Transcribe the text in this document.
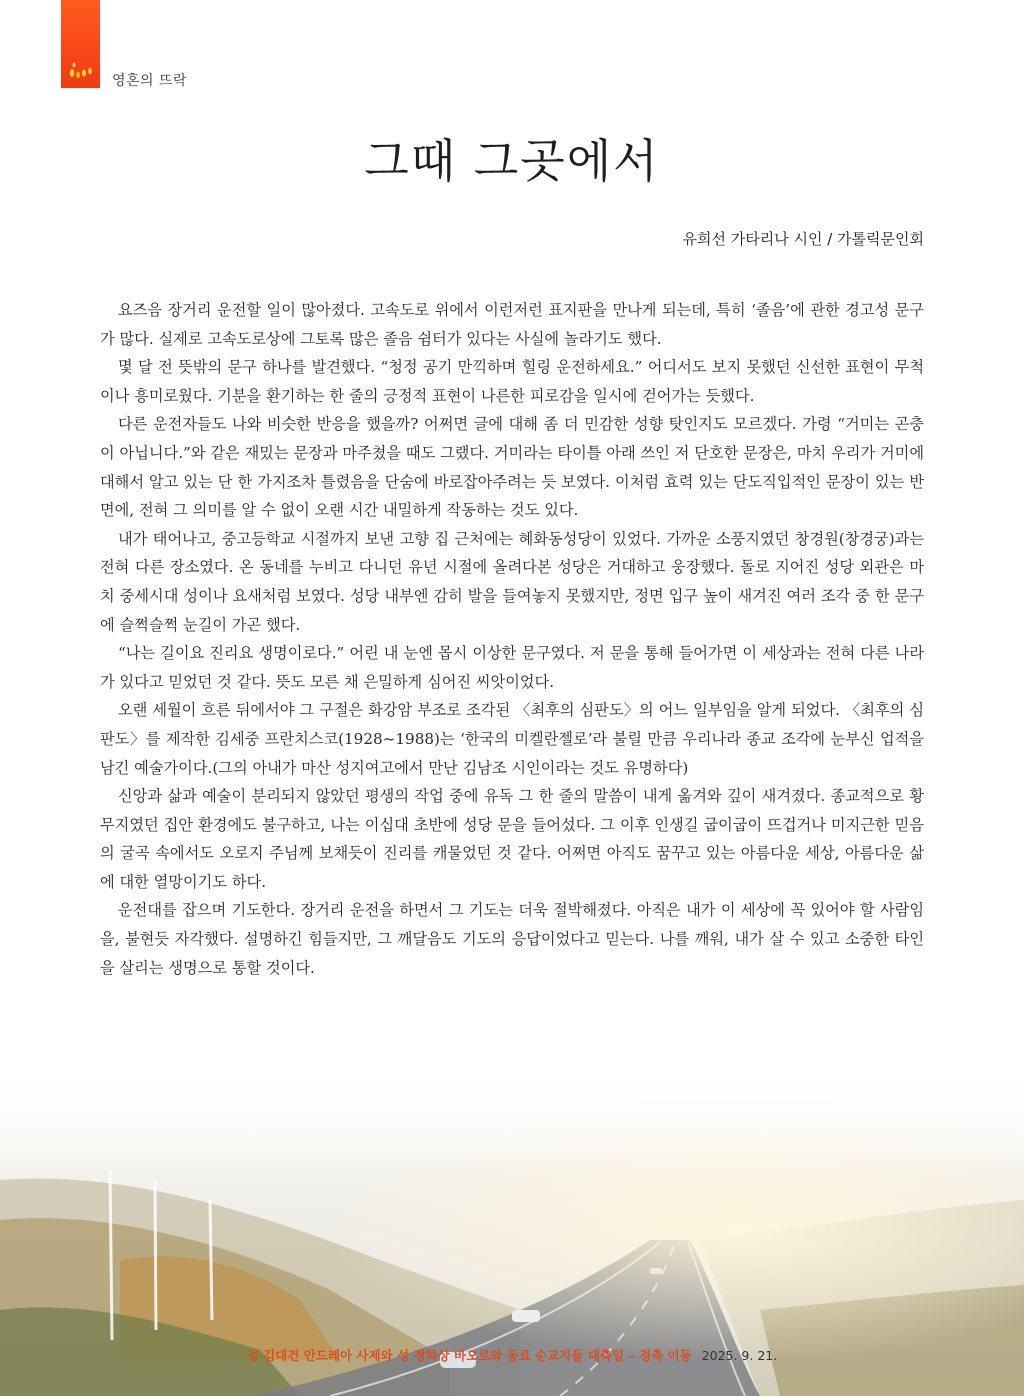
영혼의 뜨락
그때 그곳에서
유희선 가타리나 시인 / 가톨릭문인회

요즈음 장거리 운전할 일이 많아졌다. 고속도로 위에서 이런저런 표지판을 만나게 되는데, 특히 ‘졸음’에 관한 경고성 문구가 많다. 실제로 고속도로상에 그토록 많은 졸음 쉼터가 있다는 사실에 놀라기도 했다.

몇 달 전 뜻밖의 문구 하나를 발견했다. “청정 공기 만끽하며 힐링 운전하세요.” 어디서도 보지 못했던 신선한 표현이 무척이나 흥미로웠다. 기분을 환기하는 한 줄의 긍정적 표현이 나른한 피로감을 일시에 걷어가는 듯했다.

다른 운전자들도 나와 비슷한 반응을 했을까? 어쩌면 글에 대해 좀 더 민감한 성향 탓인지도 모르겠다. 가령 “거미는 곤충이 아닙니다.”와 같은 재밌는 문장과 마주쳤을 때도 그랬다. 거미라는 타이틀 아래 쓰인 저 단호한 문장은, 마치 우리가 거미에 대해서 알고 있는 단 한 가지조차 틀렸음을 단숨에 바로잡아주려는 듯 보였다. 이처럼 효력 있는 단도직입적인 문장이 있는 반면에, 전혀 그 의미를 알 수 없이 오랜 시간 내밀하게 작동하는 것도 있다.

내가 태어나고, 중고등학교 시절까지 보낸 고향 집 근처에는 혜화동성당이 있었다. 가까운 소풍지였던 창경원(창경궁)과는 전혀 다른 장소였다. 온 동네를 누비고 다니던 유년 시절에 올려다본 성당은 거대하고 웅장했다. 돌로 지어진 성당 외관은 마치 중세시대 성이나 요새처럼 보였다. 성당 내부엔 감히 발을 들여놓지 못했지만, 정면 입구 높이 새겨진 여러 조각 중 한 문구에 슬쩍슬쩍 눈길이 가곤 했다.

“나는 길이요 진리요 생명이로다.” 어린 내 눈엔 몹시 이상한 문구였다. 저 문을 통해 들어가면 이 세상과는 전혀 다른 나라가 있다고 믿었던 것 같다. 뜻도 모른 채 은밀하게 심어진 씨앗이었다.

오랜 세월이 흐른 뒤에서야 그 구절은 화강암 부조로 조각된 〈최후의 심판도〉의 어느 일부임을 알게 되었다. 〈최후의 심판도〉를 제작한 김세중 프란치스코(1928~1988)는 ‘한국의 미켈란젤로’라 불릴 만큼 우리나라 종교 조각에 눈부신 업적을 남긴 예술가이다.(그의 아내가 마산 성지여고에서 만난 김남조 시인이라는 것도 유명하다)

신앙과 삶과 예술이 분리되지 않았던 평생의 작업 중에 유독 그 한 줄의 말씀이 내게 옮겨와 깊이 새겨졌다. 종교적으로 황무지였던 집안 환경에도 불구하고, 나는 이십대 초반에 성당 문을 들어섰다. 그 이후 인생길 굽이굽이 뜨겁거나 미지근한 믿음의 굴곡 속에서도 오로지 주님께 보채듯이 진리를 캐물었던 것 같다. 어쩌면 아직도 꿈꾸고 있는 아름다운 세상, 아름다운 삶에 대한 열망이기도 하다.

운전대를 잡으며 기도한다. 장거리 운전을 하면서 그 기도는 더욱 절박해졌다. 아직은 내가 이 세상에 꼭 있어야 할 사람임을, 불현듯 자각했다. 설명하긴 힘들지만, 그 깨달음도 기도의 응답이었다고 믿는다. 나를 깨워, 내가 살 수 있고 소중한 타인을 살리는 생명으로 통할 것이다.

성 김대건 안드레아 사제와 성 정하상 바오로와 동료 순교자들 대축일 – 경축 이동 2025. 9. 21.
